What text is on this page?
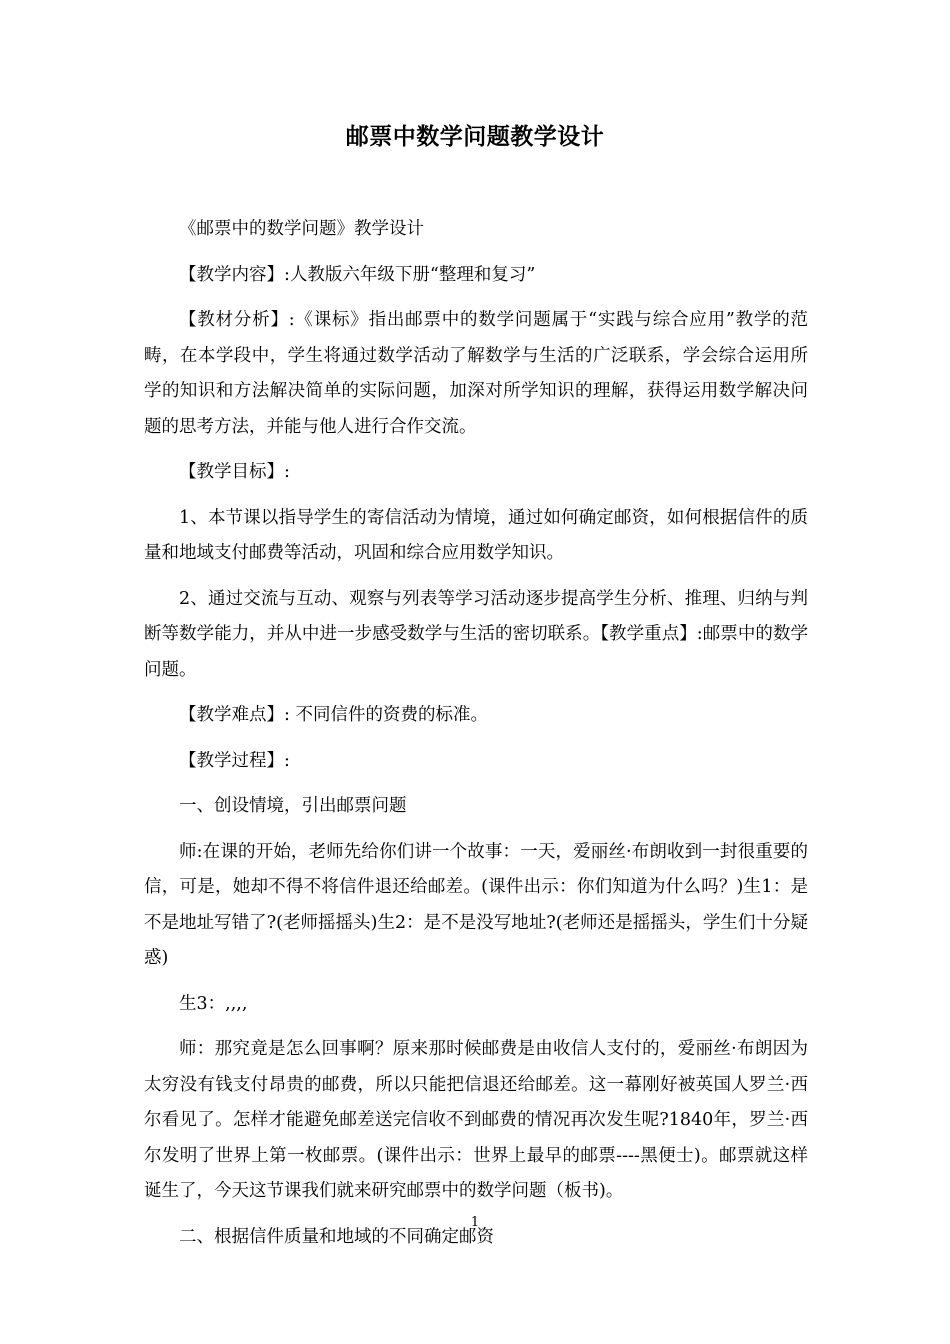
邮票中数学问题教学设计

《邮票中的数学问题》教学设计

【教学内容】:人教版六年级下册“整理和复习”

【教材分析】:《课标》指出邮票中的数学问题属于“实践与综合应用”教学的范畴，在本学段中，学生将通过数学活动了解数学与生活的广泛联系，学会综合运用所学的知识和方法解决简单的实际问题，加深对所学知识的理解，获得运用数学解决问题的思考方法，并能与他人进行合作交流。

【教学目标】:

1、本节课以指导学生的寄信活动为情境，通过如何确定邮资，如何根据信件的质量和地域支付邮费等活动，巩固和综合应用数学知识。

2、通过交流与互动、观察与列表等学习活动逐步提高学生分析、推理、归纳与判断等数学能力，并从中进一步感受数学与生活的密切联系。【教学重点】:邮票中的数学问题。

【教学难点】: 不同信件的资费的标准。

【教学过程】:

一、创设情境，引出邮票问题

师:在课的开始，老师先给你们讲一个故事：一天，爱丽丝·布朗收到一封很重要的信，可是，她却不得不将信件退还给邮差。(课件出示：你们知道为什么吗？)生1：是不是地址写错了?(老师摇摇头)生2：是不是没写地址?(老师还是摇摇头，学生们十分疑惑)

生3：,,,,

师：那究竟是怎么回事啊？原来那时候邮费是由收信人支付的，爱丽丝·布朗因为太穷没有钱支付昂贵的邮费，所以只能把信退还给邮差。这一幕刚好被英国人罗兰·西尔看见了。怎样才能避免邮差送完信收不到邮费的情况再次发生呢?1840年，罗兰·西尔发明了世界上第一枚邮票。(课件出示：世界上最早的邮票----黑便士)。邮票就这样诞生了，今天这节课我们就来研究邮票中的数学问题（板书)。

二、根据信件质量和地域的不同确定邮资

1
